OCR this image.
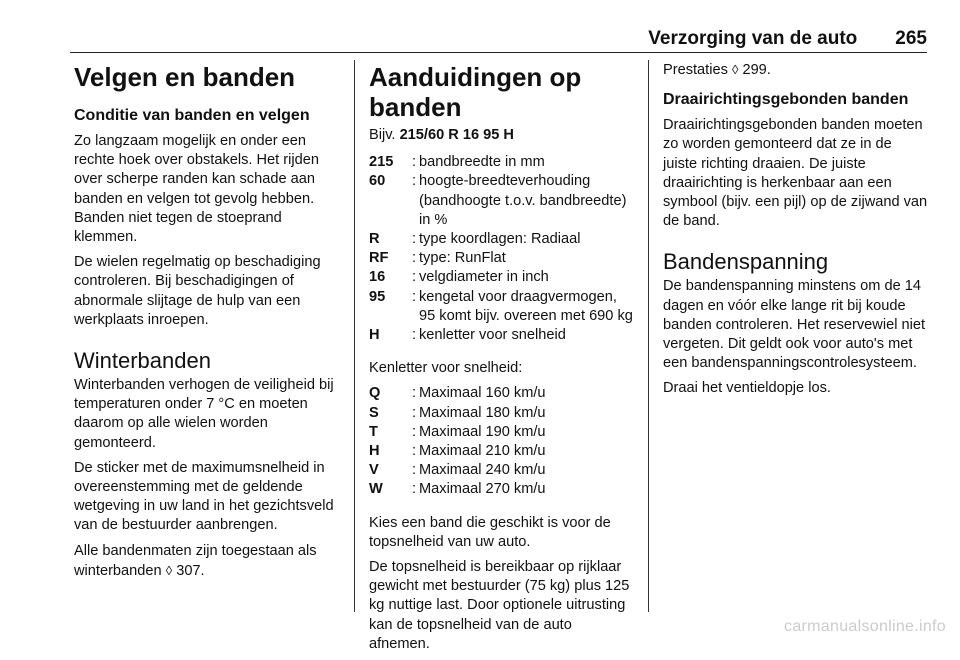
Verzorging van de auto 265
Velgen en banden
Conditie van banden en velgen

Zo langzaam mogelijk en onder een rechte hoek over obstakels. Het rijden over scherpe randen kan schade aan banden en velgen tot gevolg hebben. Banden niet tegen de stoeprand klemmen.

De wielen regelmatig op beschadiging controleren. Bij beschadigingen of abnormale slijtage de hulp van een werkplaats inroepen.

Winterbanden

Winterbanden verhogen de veiligheid bij temperaturen onder 7 °C en moeten daarom op alle wielen worden gemonteerd.

De sticker met de maximumsnelheid in overeenstemming met de geldende wetgeving in uw land in het gezichtsveld van de bestuurder aanbrengen.

Alle bandenmaten zijn toegestaan als winterbanden ◊ 307.

Aanduidingen op banden

Bijv. 215/60 R 16 95 H

215	: bandbreedte in mm
60	: hoogte-breedteverhouding (bandhoogte t.o.v. bandbreedte) in %
R	: type koordlagen: Radiaal
RF	: type: RunFlat
16	: velgdiameter in inch
95	: kengetal voor draagvermogen, 95 komt bijv. overeen met 690 kg
H	: kenletter voor snelheid

Kenletter voor snelheid:

Q	: Maximaal 160 km/u
S	: Maximaal 180 km/u
T	: Maximaal 190 km/u
H	: Maximaal 210 km/u
V	: Maximaal 240 km/u
W	: Maximaal 270 km/u

Kies een band die geschikt is voor de topsnelheid van uw auto.

De topsnelheid is bereikbaar op rijklaar gewicht met bestuurder (75 kg) plus 125 kg nuttige last. Door optionele uitrusting kan de topsnelheid van de auto afnemen.

Prestaties ◊ 299.

Draairichtingsgebonden banden

Draairichtingsgebonden banden moeten zo worden gemonteerd dat ze in de juiste richting draaien. De juiste draairichting is herkenbaar aan een symbool (bijv. een pijl) op de zijwand van de band.

Bandenspanning

De bandenspanning minstens om de 14 dagen en vóór elke lange rit bij koude banden controleren. Het reservewiel niet vergeten. Dit geldt ook voor auto's met een bandenspanningscontrolesysteem.

Draai het ventieldopje los.

carmanualsonline.info
